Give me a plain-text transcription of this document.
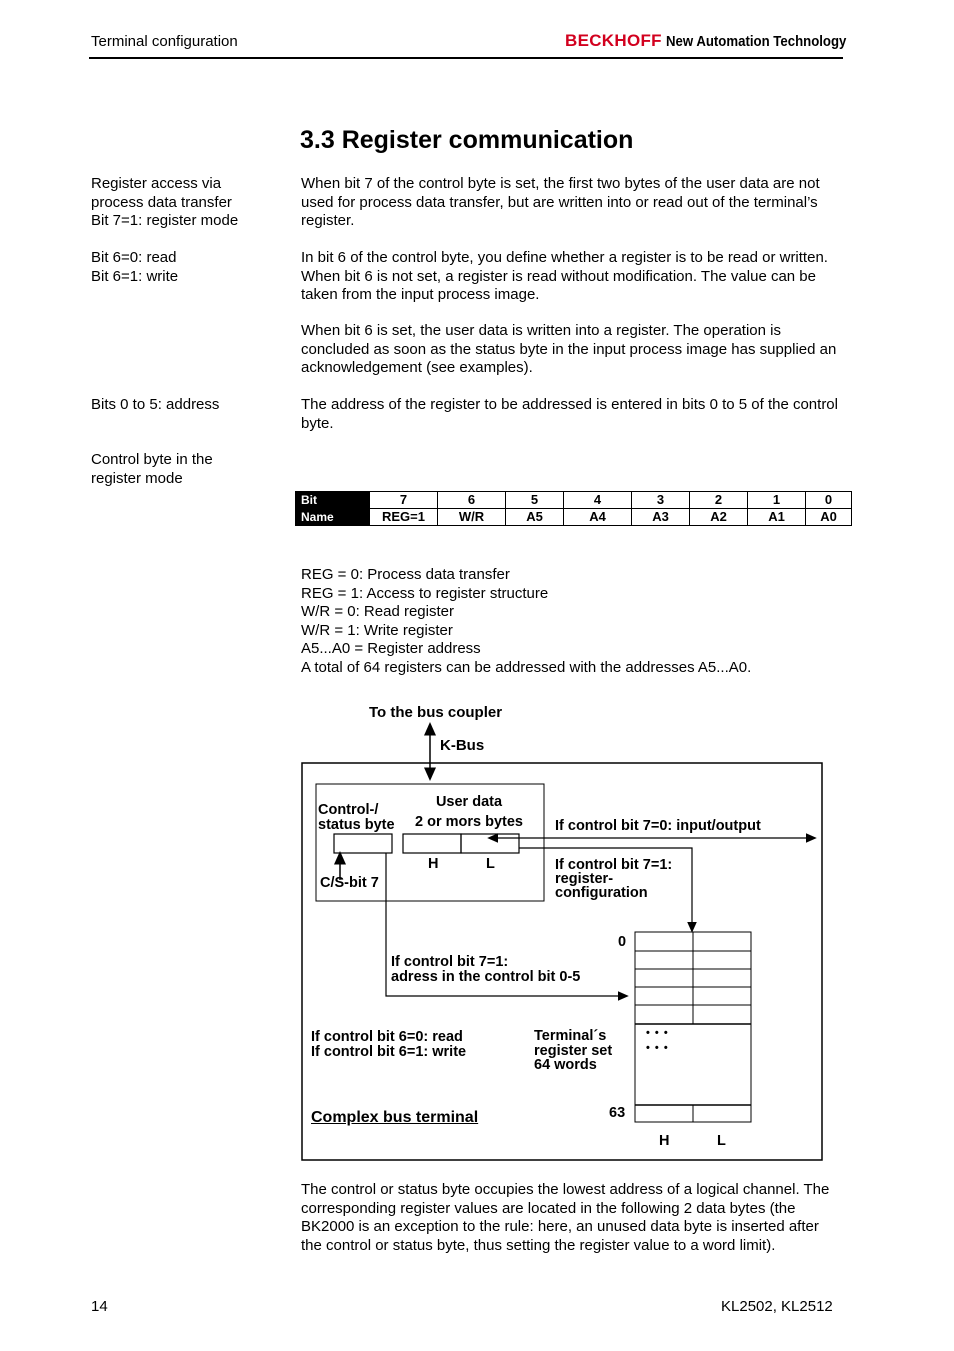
Terminal configuration	BECKHOFF New Automation Technology
3.3 Register communication
Register access via
process data transfer
Bit 7=1: register mode
When bit 7 of the control byte is set, the first two bytes of the user data are not used for process data transfer, but are written into or read out of the terminal’s register.
Bit 6=0: read
Bit 6=1: write
In bit 6 of the control byte, you define whether a register is to be read or written. When bit 6 is not set, a register is read without modification. The value can be taken from the input process image.
When bit 6 is set, the user data is written into a register. The operation is concluded as soon as the status byte in the input process image has supplied an acknowledgement (see examples).
Bits 0 to 5: address	The address of the register to be addressed is entered in bits 0 to 5 of the control byte.
Control byte in the
register mode
Bit	7	6	5	4	3	2	1	0
Name	REG=1	W/R	A5	A4	A3	A2	A1	A0
REG = 0: Process data transfer
REG = 1: Access to register structure
W/R = 0: Read register
W/R = 1: Write register
A5...A0 = Register address
A total of 64 registers can be addressed with the addresses A5...A0.
To the bus coupler
K-Bus
Control-/
status byte
User data
2 or mors bytes
H	L
C/S-bit 7
If control bit 7=0: input/output
If control bit 7=1:
register-
configuration
If control bit 7=1:
adress in the control bit 0-5
0
63
If control bit 6=0: read
If control bit 6=1: write
Terminal´s
register set
64 words
• • •
• • •
Complex bus terminal
H	L
The control or status byte occupies the lowest address of a logical channel. The corresponding register values are located in the following 2 data bytes (the BK2000 is an exception to the rule: here, an unused data byte is inserted after the control or status byte, thus setting the register value to a word limit).
14	KL2502, KL2512
